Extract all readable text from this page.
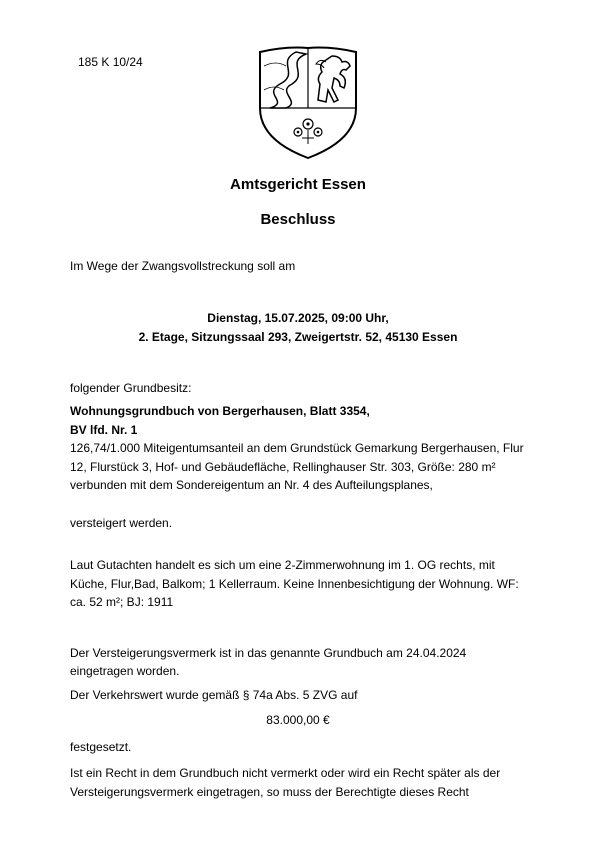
185 K 10/24
Amtsgericht Essen
Beschluss
Im Wege der Zwangsvollstreckung soll am
Dienstag, 15.07.2025, 09:00 Uhr,
2. Etage, Sitzungssaal 293, Zweigertstr. 52, 45130 Essen
folgender Grundbesitz:
Wohnungsgrundbuch von Bergerhausen, Blatt 3354,
BV lfd. Nr. 1
126,74/1.000 Miteigentumsanteil an dem Grundstück Gemarkung Bergerhausen, Flur
12, Flurstück 3, Hof- und Gebäudefläche, Rellinghauser Str. 303, Größe: 280 m²
verbunden mit dem Sondereigentum an Nr. 4 des Aufteilungsplanes,
versteigert werden.
Laut Gutachten handelt es sich um eine 2-Zimmerwohnung im 1. OG rechts, mit
Küche, Flur,Bad, Balkom; 1 Kellerraum. Keine Innenbesichtigung der Wohnung. WF:
ca. 52 m²; BJ: 1911
Der Versteigerungsvermerk ist in das genannte Grundbuch am 24.04.2024
eingetragen worden.
Der Verkehrswert wurde gemäß § 74a Abs. 5 ZVG auf
83.000,00 €
festgesetzt.
Ist ein Recht in dem Grundbuch nicht vermerkt oder wird ein Recht später als der
Versteigerungsvermerk eingetragen, so muss der Berechtigte dieses Recht
